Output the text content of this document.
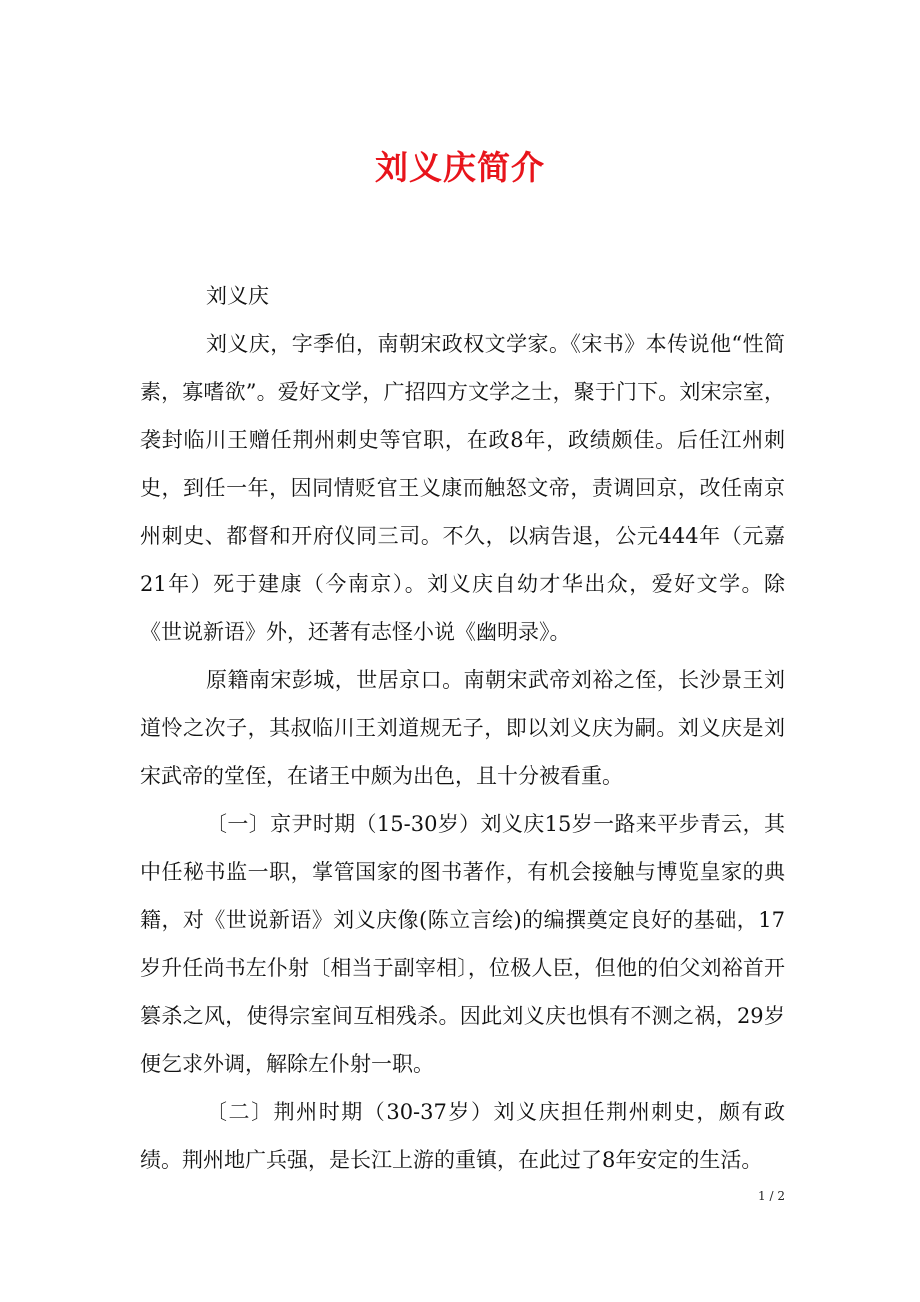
刘义庆简介

刘义庆

刘义庆，字季伯，南朝宋政权文学家。《宋书》本传说他“性简素，寡嗜欲”。爱好文学，广招四方文学之士，聚于门下。刘宋宗室，袭封临川王赠任荆州刺史等官职，在政8年，政绩颇佳。后任江州刺史，到任一年，因同情贬官王义康而触怒文帝，责调回京，改任南京州刺史、都督和开府仪同三司。不久，以病告退，公元444年（元嘉21年）死于建康（今南京）。刘义庆自幼才华出众，爱好文学。除《世说新语》外，还著有志怪小说《幽明录》。

原籍南宋彭城，世居京口。南朝宋武帝刘裕之侄，长沙景王刘道怜之次子，其叔临川王刘道规无子，即以刘义庆为嗣。刘义庆是刘宋武帝的堂侄，在诸王中颇为出色，且十分被看重。

〔一〕京尹时期（15-30岁）刘义庆15岁一路来平步青云，其中任秘书监一职，掌管国家的图书著作，有机会接触与博览皇家的典籍，对《世说新语》刘义庆像(陈立言绘)的编撰奠定良好的基础，17岁升任尚书左仆射〔相当于副宰相〕，位极人臣，但他的伯父刘裕首开篡杀之风，使得宗室间互相残杀。因此刘义庆也惧有不测之祸，29岁便乞求外调，解除左仆射一职。

〔二〕荆州时期（30-37岁）刘义庆担任荆州刺史，颇有政绩。荆州地广兵强，是长江上游的重镇，在此过了8年安定的生活。

1 / 2
